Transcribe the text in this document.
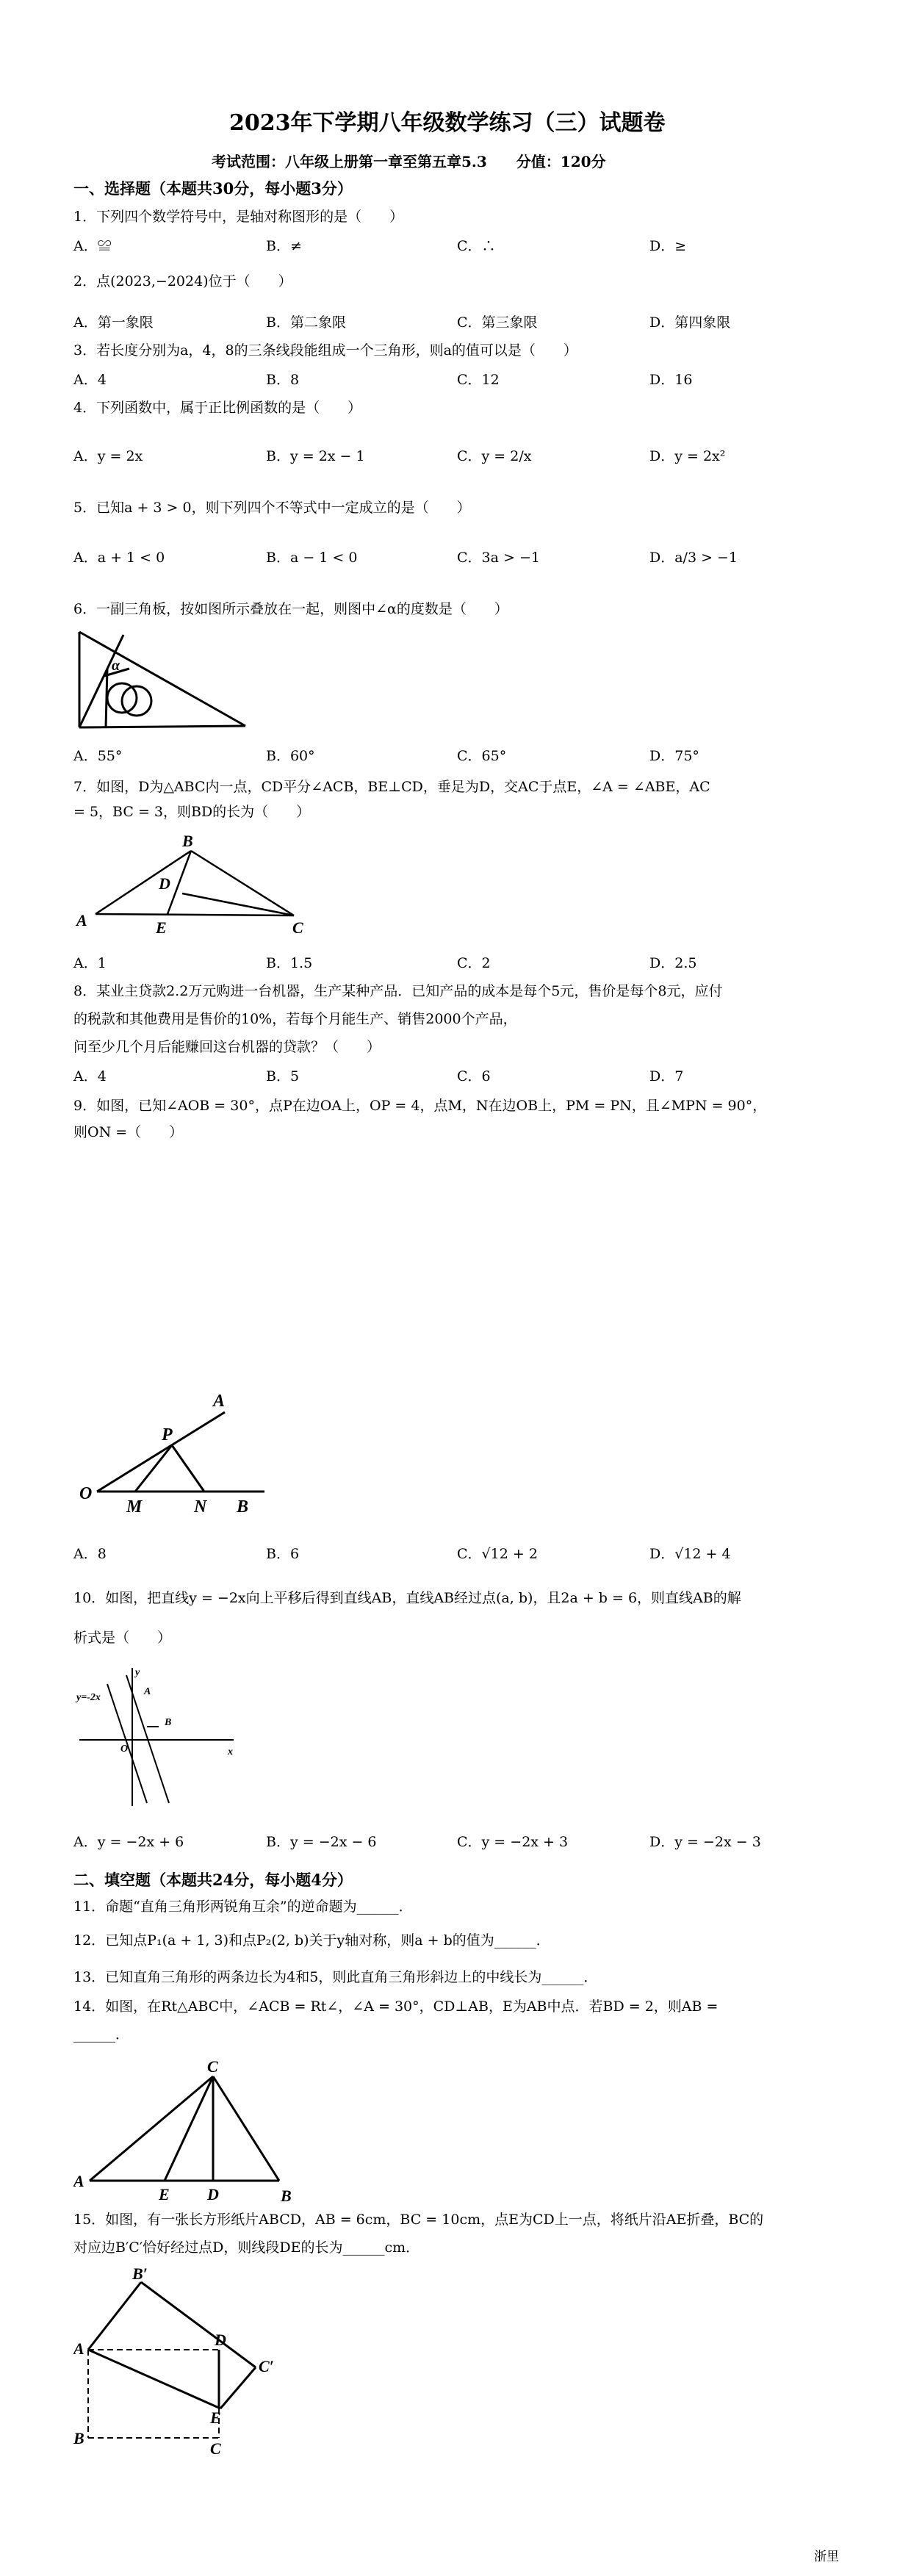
2023年下学期八年级数学练习（三）试题卷
考试范围：八年级上册第一章至第五章5.3　　分值：120分
一、选择题（本题共30分，每小题3分）
1．下列四个数学符号中，是轴对称图形的是（　　）
A．≌	B．≠	C．∴	D．≥
2．点(2023,−2024)位于（　　）
A．第一象限	B．第二象限	C．第三象限	D．第四象限
3．若长度分别为a，4，8的三条线段能组成一个三角形，则a的值可以是（　　）
A．4	B．8	C．12	D．16
4．下列函数中，属于正比例函数的是（　　）
A．y = 2x	B．y = 2x − 1	C．y = 2/x	D．y = 2x²
5．已知a + 3 > 0，则下列四个不等式中一定成立的是（　　）
A．a + 1 < 0	B．a − 1 < 0	C．3a > −1	D．a/3 > −1
6．一副三角板，按如图所示叠放在一起，则图中∠α的度数是（　　）
α
A．55°	B．60°	C．65°	D．75°
7．如图，D为△ABC内一点，CD平分∠ACB，BE⊥CD，垂足为D，交AC于点E，∠A = ∠ABE，AC
= 5，BC = 3，则BD的长为（　　）
A
B
C
D
E
A．1	B．1.5	C．2	D．2.5
8．某业主贷款2.2万元购进一台机器，生产某种产品．已知产品的成本是每个5元，售价是每个8元，应付
的税款和其他费用是售价的10%，若每个月能生产、销售2000个产品，
问至少几个月后能赚回这台机器的贷款？（　　）
A．4	B．5	C．6	D．7
9．如图，已知∠AOB = 30°，点P在边OA上，OP = 4，点M，N在边OB上，PM = PN，且∠MPN = 90°，
则ON =（　　）
A
P
O
M	N B
A．8	B．6	C．√12 + 2	D．√12 + 4
10．如图，把直线y = −2x向上平移后得到直线AB，直线AB经过点(a, b)，且2a + b = 6，则直线AB的解
析式是（　　）
y=-2x
y
A
O
B
x
A．y = −2x + 6	B．y = −2x − 6	C．y = −2x + 3	D．y = −2x − 3
二、填空题（本题共24分，每小题4分）
11．命题“直角三角形两锐角互余”的逆命题为______．
12．已知点P₁(a + 1, 3)和点P₂(2, b)关于y轴对称，则a + b的值为______．
13．已知直角三角形的两条边长为4和5，则此直角三角形斜边上的中线长为______．
14．如图，在Rt△ABC中，∠ACB = Rt∠，∠A = 30°，CD⊥AB，E为AB中点．若BD = 2，则AB =
______．
A
C
B
E D
15．如图，有一张长方形纸片ABCD，AB = 6cm，BC = 10cm，点E为CD上一点，将纸片沿AE折叠，BC的
对应边B′C′恰好经过点D，则线段DE的长为______cm．
B′
A	D
C′
E
B
C
浙里
